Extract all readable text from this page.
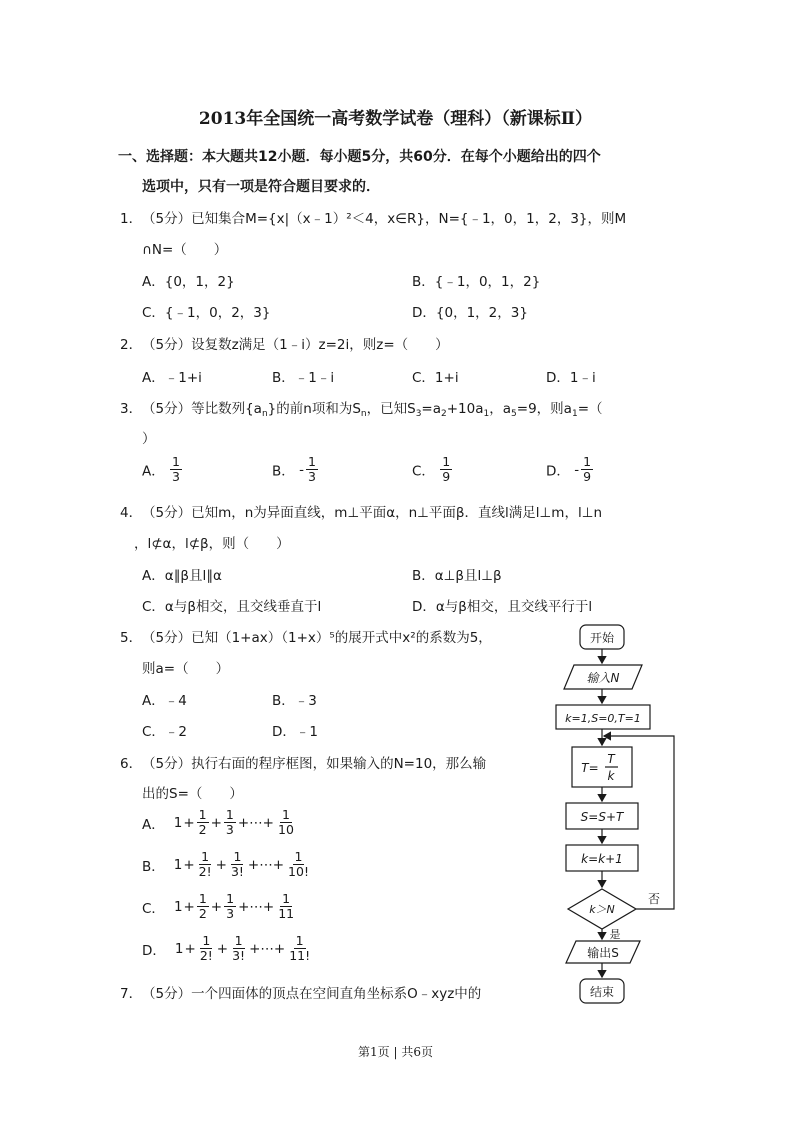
2013年全国统一高考数学试卷（理科）（新课标Ⅱ）
一、选择题：本大题共12小题．每小题5分，共60分．在每个小题给出的四个
选项中，只有一项是符合题目要求的．
1． （5分）已知集合M={x|（x﹣1）²＜4，x∈R}，N={﹣1，0，1，2，3}，则M
∩N=（　　）
A．{0，1，2}	B．{﹣1，0，1，2}
C．{﹣1，0，2，3}	D．{0，1，2，3}
2． （5分）设复数z满足（1﹣i）z=2i，则z=（　　）
A．﹣1+i	B．﹣1﹣i	C．1+i	D．1﹣i
3． （5分）等比数列$\{a_n\}$的前n项和为$S_n$，已知$S_3=a_2+10a_1$，$a_5=9$，则$a_1=$（
）
A． $\frac{1}{3}$	B． - $\frac{1}{3}$	C． $\frac{1}{9}$	D． - $\frac{1}{9}$
4． （5分）已知m，n为异面直线，m⊥平面α，n⊥平面β．直线l满足l⊥m，l⊥n
，l⊄α，l⊄β，则（　　）
A．α∥β且l∥α	B．α⊥β且l⊥β
C．α与β相交，且交线垂直于l	D．α与β相交，且交线平行于l
5． （5分）已知（1+ax）（1+x）⁵的展开式中x²的系数为5，
则a=（　　）
A．﹣4	B．﹣3
C．﹣2	D．﹣1
6． （5分）执行右面的程序框图，如果输入的N=10，那么输
出的S=（　　）
A． $1 + \frac{1}{2} + \frac{1}{3}$ +⋯+ $\frac{1}{10}$
B． $1 + \frac{1}{2!} + \frac{1}{3!}$ +⋯+ $\frac{1}{10!}$
C． $1 + \frac{1}{2} + \frac{1}{3}$ +⋯+ $\frac{1}{11}$
D． $1 + \frac{1}{2!} + \frac{1}{3!}$ +⋯+ $\frac{1}{11!}$
7． （5分）一个四面体的顶点在空间直角坐标系O﹣xyz中的
开始
输入N
k=1,S=0,T=1
T=
T
k
S=S+T
k=k+1
k＞N
否
是
输出S
结束
第1页 | 共6页
